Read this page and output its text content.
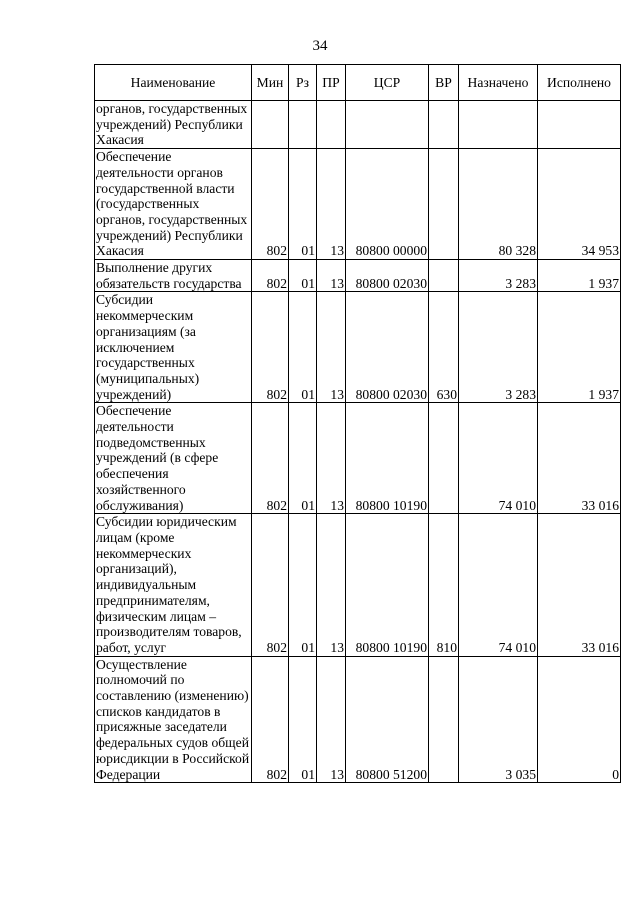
34
Наименование	Мин	Рз	ПР	ЦСР	ВР	Назначено	Исполнено
органов, государственных учреждений) Республики Хакасия							
Обеспечение деятельности органов государственной власти (государственных органов, государственных учреждений) Республики Хакасия	802	01	13	80800 00000		80 328	34 953
Выполнение других обязательств государства	802	01	13	80800 02030		3 283	1 937
Субсидии некоммерческим организациям (за исключением государственных (муниципальных) учреждений)	802	01	13	80800 02030	630	3 283	1 937
Обеспечение деятельности подведомственных учреждений (в сфере обеспечения хозяйственного обслуживания)	802	01	13	80800 10190		74 010	33 016
Субсидии юридическим лицам (кроме некоммерческих организаций), индивидуальным предпринимателям, физическим лицам – производителям товаров, работ, услуг	802	01	13	80800 10190	810	74 010	33 016
Осуществление полномочий по составлению (изменению) списков кандидатов в присяжные заседатели федеральных судов общей юрисдикции в Российской Федерации	802	01	13	80800 51200		3 035	0
